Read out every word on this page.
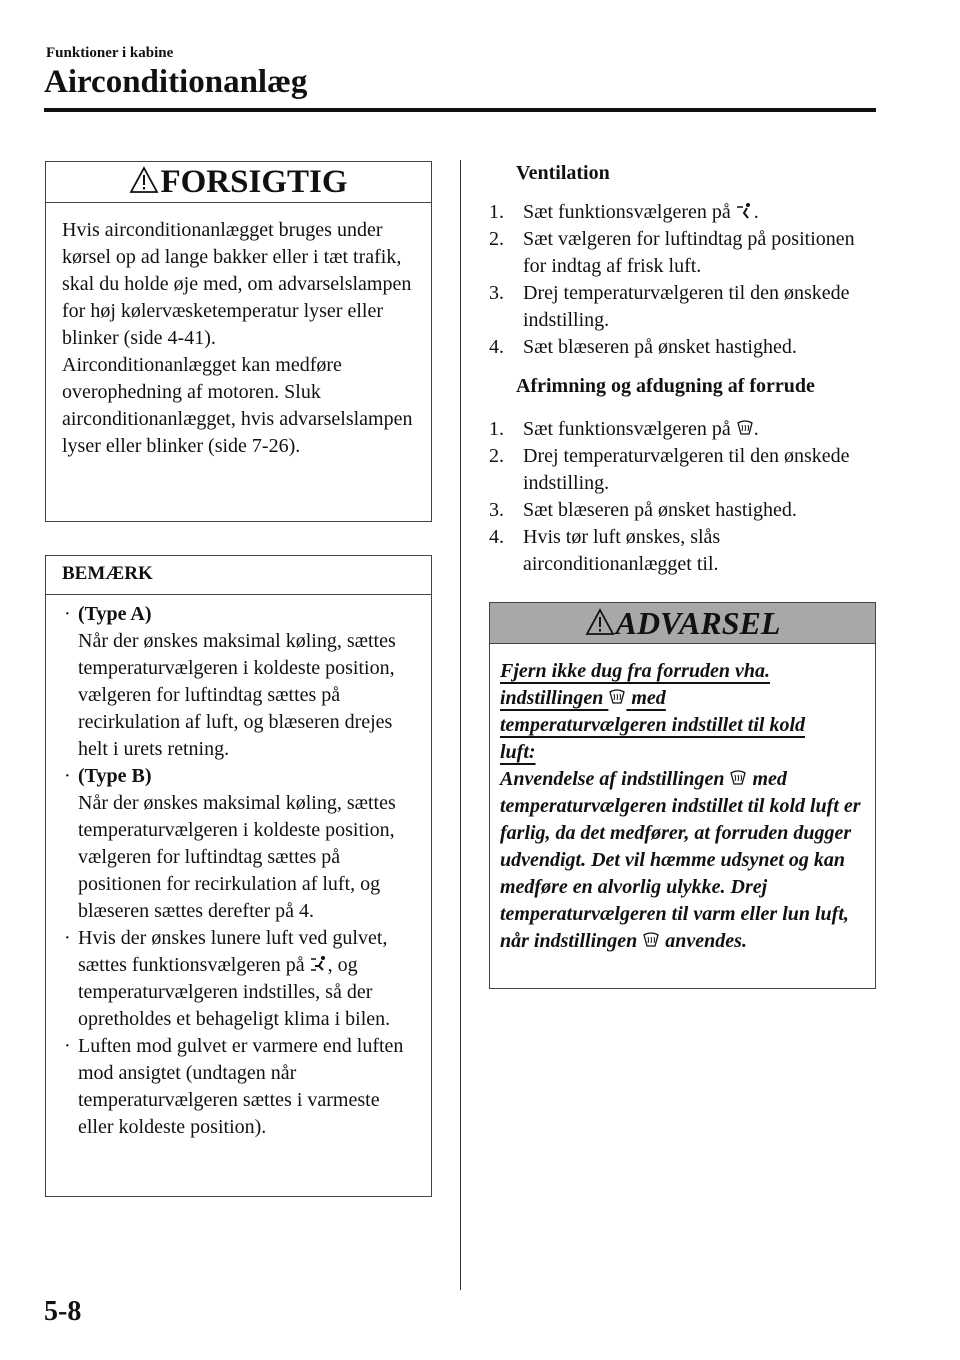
Funktioner i kabine
Airconditionanlæg
FORSIGTIG

Hvis airconditionanlægget bruges under kørsel op ad lange bakker eller i tæt trafik, skal du holde øje med, om advarselslampen for høj kølervæsketemperatur lyser eller blinker (side 4-41).

Airconditionanlægget kan medføre overophedning af motoren. Sluk airconditionanlægget, hvis advarselslampen lyser eller blinker (side 7-26).

BEMÆRK
· (Type A)
Når der ønskes maksimal køling, sættes temperaturvælgeren i koldeste position, vælgeren for luftindtag sættes på recirkulation af luft, og blæseren drejes helt i urets retning.
· (Type B)
Når der ønskes maksimal køling, sættes temperaturvælgeren i koldeste position, vælgeren for luftindtag sættes på positionen for recirkulation af luft, og blæseren sættes derefter på 4.
· Hvis der ønskes lunere luft ved gulvet, sættes funktionsvælgeren på , og temperaturvælgeren indstilles, så der opretholdes et behageligt klima i bilen.
· Luften mod gulvet er varmere end luften mod ansigtet (undtagen når temperaturvælgeren sættes i varmeste eller koldeste position).
Ventilation
1. Sæt funktionsvælgeren på .
2. Sæt vælgeren for luftindtag på positionen for indtag af frisk luft.
3. Drej temperaturvælgeren til den ønskede indstilling.
4. Sæt blæseren på ønsket hastighed.
Afrimning og afdugning af forrude
1. Sæt funktionsvælgeren på .
2. Drej temperaturvælgeren til den ønskede indstilling.
3. Sæt blæseren på ønsket hastighed.
4. Hvis tør luft ønskes, slås airconditionanlægget til.
ADVARSEL
Fjern ikke dug fra forruden vha.
indstillingen med
temperaturvælgeren indstillet til kold
luft:
Anvendelse af indstillingen med temperaturvælgeren indstillet til kold luft er farlig, da det medfører, at forruden dugger udvendigt. Det vil hæmme udsynet og kan medføre en alvorlig ulykke. Drej temperaturvælgeren til varm eller lun luft, når indstillingen anvendes.
5-8
